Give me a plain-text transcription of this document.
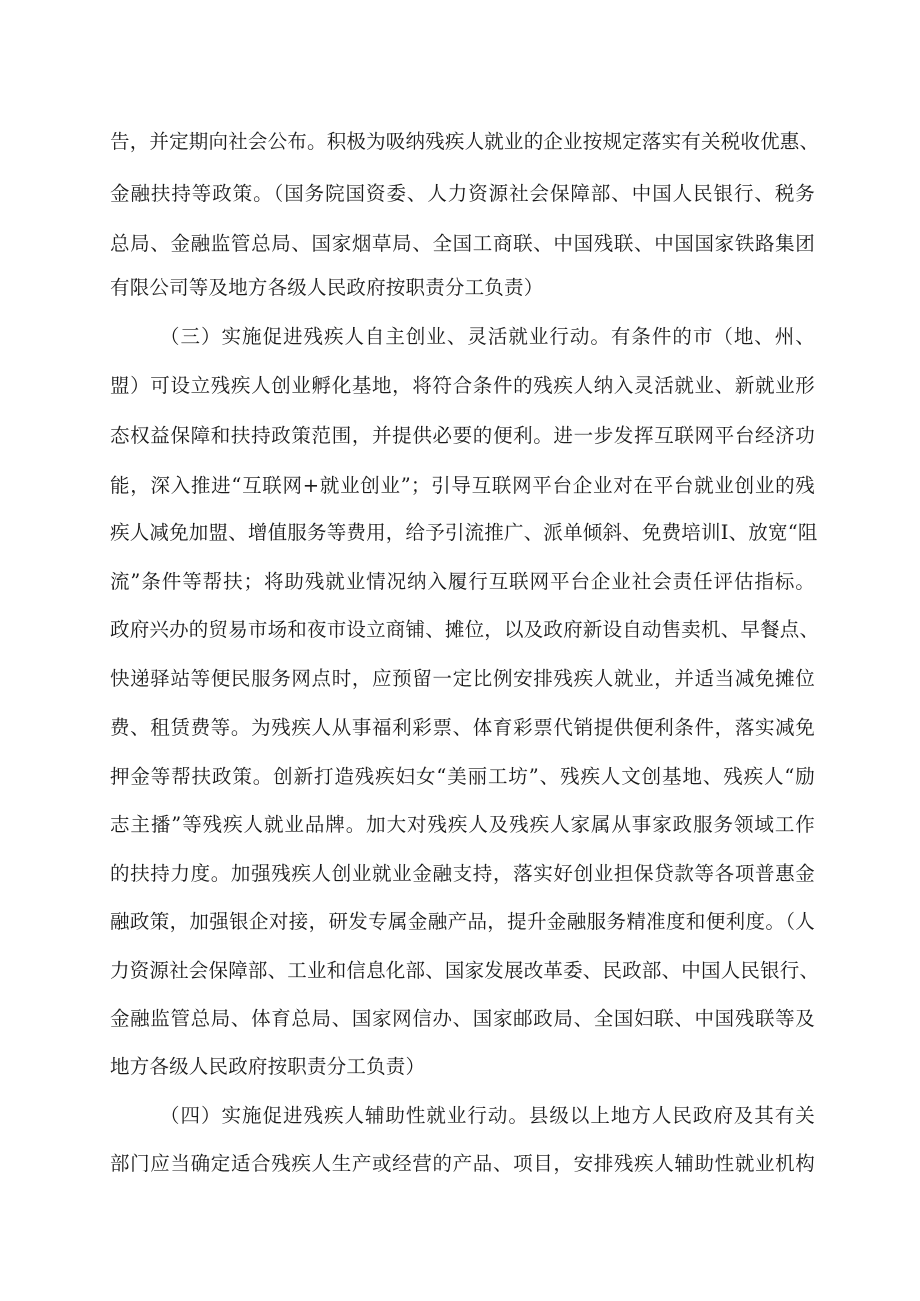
告，并定期向社会公布。积极为吸纳残疾人就业的企业按规定落实有关税收优惠、
金融扶持等政策。（国务院国资委、人力资源社会保障部、中国人民银行、税务
总局、金融监管总局、国家烟草局、全国工商联、中国残联、中国国家铁路集团
有限公司等及地方各级人民政府按职责分工负责）
（三）实施促进残疾人自主创业、灵活就业行动。有条件的市（地、州、
盟）可设立残疾人创业孵化基地，将符合条件的残疾人纳入灵活就业、新就业形
态权益保障和扶持政策范围，并提供必要的便利。进一步发挥互联网平台经济功
能，深入推进“互联网+就业创业”；引导互联网平台企业对在平台就业创业的残
疾人减免加盟、增值服务等费用，给予引流推广、派单倾斜、免费培训I、放宽“阻
流”条件等帮扶；将助残就业情况纳入履行互联网平台企业社会责任评估指标。
政府兴办的贸易市场和夜市设立商铺、摊位，以及政府新设自动售卖机、早餐点、
快递驿站等便民服务网点时，应预留一定比例安排残疾人就业，并适当减免摊位
费、租赁费等。为残疾人从事福利彩票、体育彩票代销提供便利条件，落实减免
押金等帮扶政策。创新打造残疾妇女“美丽工坊”、残疾人文创基地、残疾人“励
志主播”等残疾人就业品牌。加大对残疾人及残疾人家属从事家政服务领域工作
的扶持力度。加强残疾人创业就业金融支持，落实好创业担保贷款等各项普惠金
融政策，加强银企对接，研发专属金融产品，提升金融服务精准度和便利度。（人
力资源社会保障部、工业和信息化部、国家发展改革委、民政部、中国人民银行、
金融监管总局、体育总局、国家网信办、国家邮政局、全国妇联、中国残联等及
地方各级人民政府按职责分工负责）
（四）实施促进残疾人辅助性就业行动。县级以上地方人民政府及其有关
部门应当确定适合残疾人生产或经营的产品、项目，安排残疾人辅助性就业机构
